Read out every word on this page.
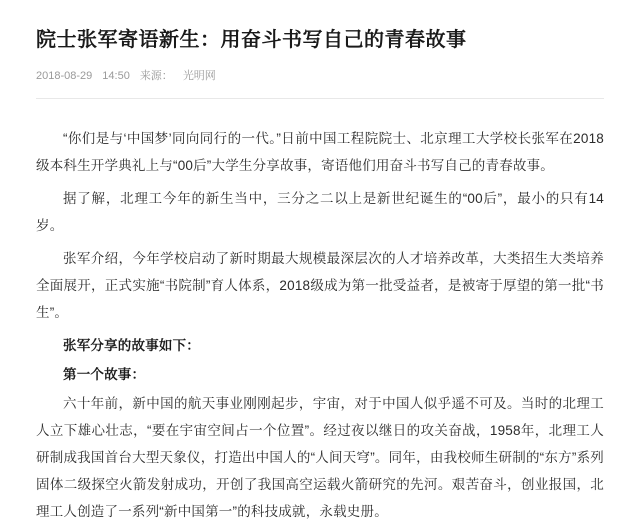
院士张军寄语新生：用奋斗书写自己的青春故事
2018-08-29 14:50 来源： 光明网

“你们是与‘中国梦’同向同行的一代。”日前中国工程院院士、北京理工大学校长张军在2018级本科生开学典礼上与“00后”大学生分享故事，寄语他们用奋斗书写自己的青春故事。

据了解，北理工今年的新生当中，三分之二以上是新世纪诞生的“00后”，最小的只有14岁。

张军介绍，今年学校启动了新时期最大规模最深层次的人才培养改革，大类招生大类培养全面展开，正式实施“书院制”育人体系，2018级成为第一批受益者，是被寄于厚望的第一批“书生”。

张军分享的故事如下：

第一个故事：

六十年前，新中国的航天事业刚刚起步，宇宙，对于中国人似乎遥不可及。当时的北理工人立下雄心壮志，“要在宇宙空间占一个位置”。经过夜以继日的攻关奋战，1958年，北理工人研制成我国首台大型天象仪，打造出中国人的“人间天穹”。同年，由我校师生研制的“东方”系列固体二级探空火箭发射成功，开创了我国高空运载火箭研究的先河。艰苦奋斗，创业报国，北理工人创造了一系列“新中国第一”的科技成就，永载史册。
